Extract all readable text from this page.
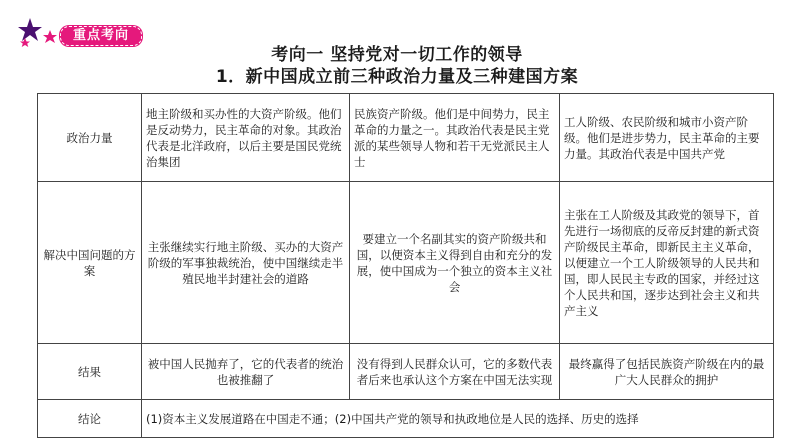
重点考向
考向一 坚持党对一切工作的领导
1．新中国成立前三种政治力量及三种建国方案
政治力量	地主阶级和买办性的大资产阶级。他们是反动势力，民主革命的对象。其政治代表是北洋政府，以后主要是国民党统治集团	民族资产阶级。他们是中间势力，民主革命的力量之一。其政治代表是民主党派的某些领导人物和若干无党派民主人士	工人阶级、农民阶级和城市小资产阶级。他们是进步势力，民主革命的主要力量。其政治代表是中国共产党
解决中国问题的方案	主张继续实行地主阶级、买办的大资产阶级的军事独裁统治，使中国继续走半殖民地半封建社会的道路	要建立一个名副其实的资产阶级共和国，以便资本主义得到自由和充分的发展，使中国成为一个独立的资本主义社会	主张在工人阶级及其政党的领导下，首先进行一场彻底的反帝反封建的新式资产阶级民主革命，即新民主主义革命，以便建立一个工人阶级领导的人民共和国，即人民民主专政的国家，并经过这个人民共和国，逐步达到社会主义和共产主义
结果	被中国人民抛弃了，它的代表者的统治也被推翻了	没有得到人民群众认可，它的多数代表者后来也承认这个方案在中国无法实现	最终赢得了包括民族资产阶级在内的最广大人民群众的拥护
结论	(1)资本主义发展道路在中国走不通；(2)中国共产党的领导和执政地位是人民的选择、历史的选择		
